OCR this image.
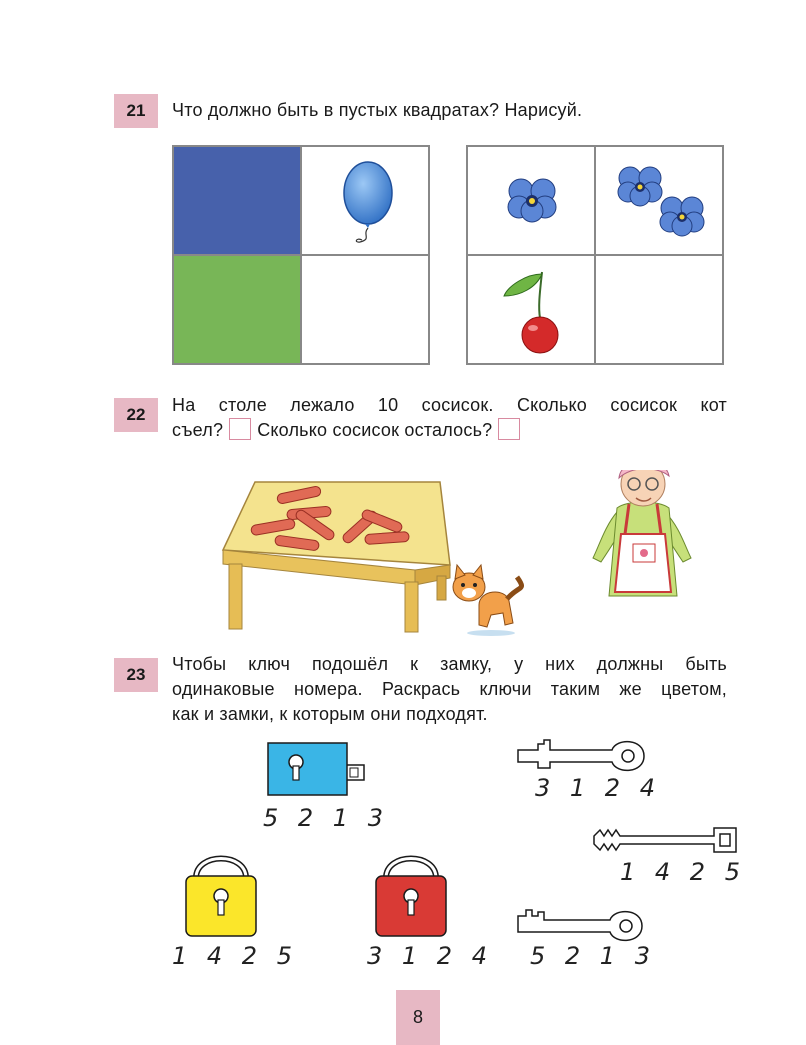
21	Что должно быть в пустых квадратах? Нарисуй.
22	На столе лежало 10 сосисок. Сколько сосисок кот
съел? Сколько сосисок осталось?
23
Чтобы ключ подошёл к замку, у них должны быть
одинаковые номера. Раскрась ключи таким же цветом,
как и замки, к которым они подходят.
5 2 1 3
1 4 2 5	3 1 2 4
3 1 2 4
1 4 2 5
5 2 1 3
8
